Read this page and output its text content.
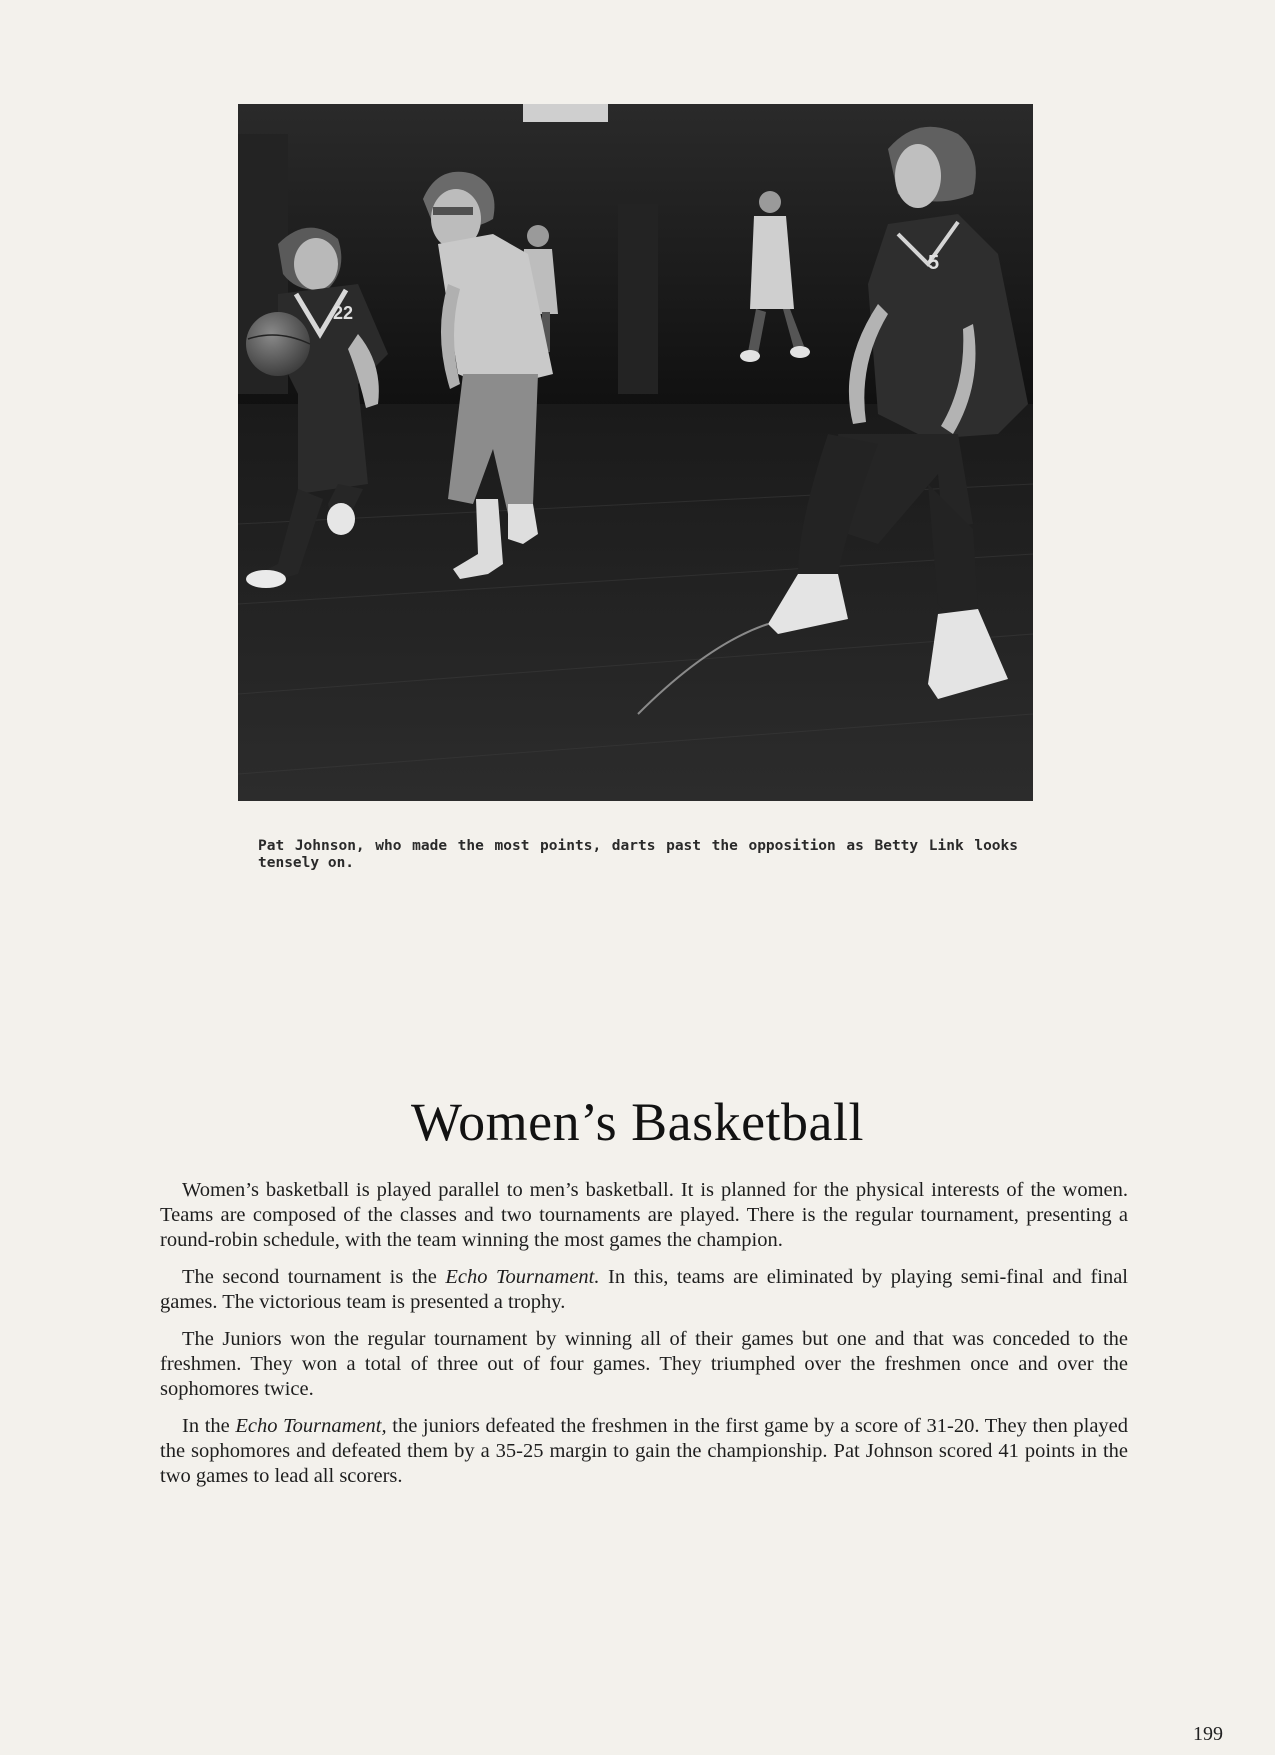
22
5
Pat Johnson, who made the most points, darts past the opposition as Betty Link looks tensely on.
Women’s Basketball

Women’s basketball is played parallel to men’s basketball. It is planned for the physical interests of the women. Teams are composed of the classes and two tournaments are played. There is the regular tournament, presenting a round-robin schedule, with the team winning the most games the champion.

The second tournament is the Echo Tournament. In this, teams are eliminated by playing semi-final and final games. The victorious team is presented a trophy.

The Juniors won the regular tournament by winning all of their games but one and that was conceded to the freshmen. They won a total of three out of four games. They triumphed over the freshmen once and over the sophomores twice.

In the Echo Tournament, the juniors defeated the freshmen in the first game by a score of 31-20. They then played the sophomores and defeated them by a 35-25 margin to gain the championship. Pat Johnson scored 41 points in the two games to lead all scorers.

199
